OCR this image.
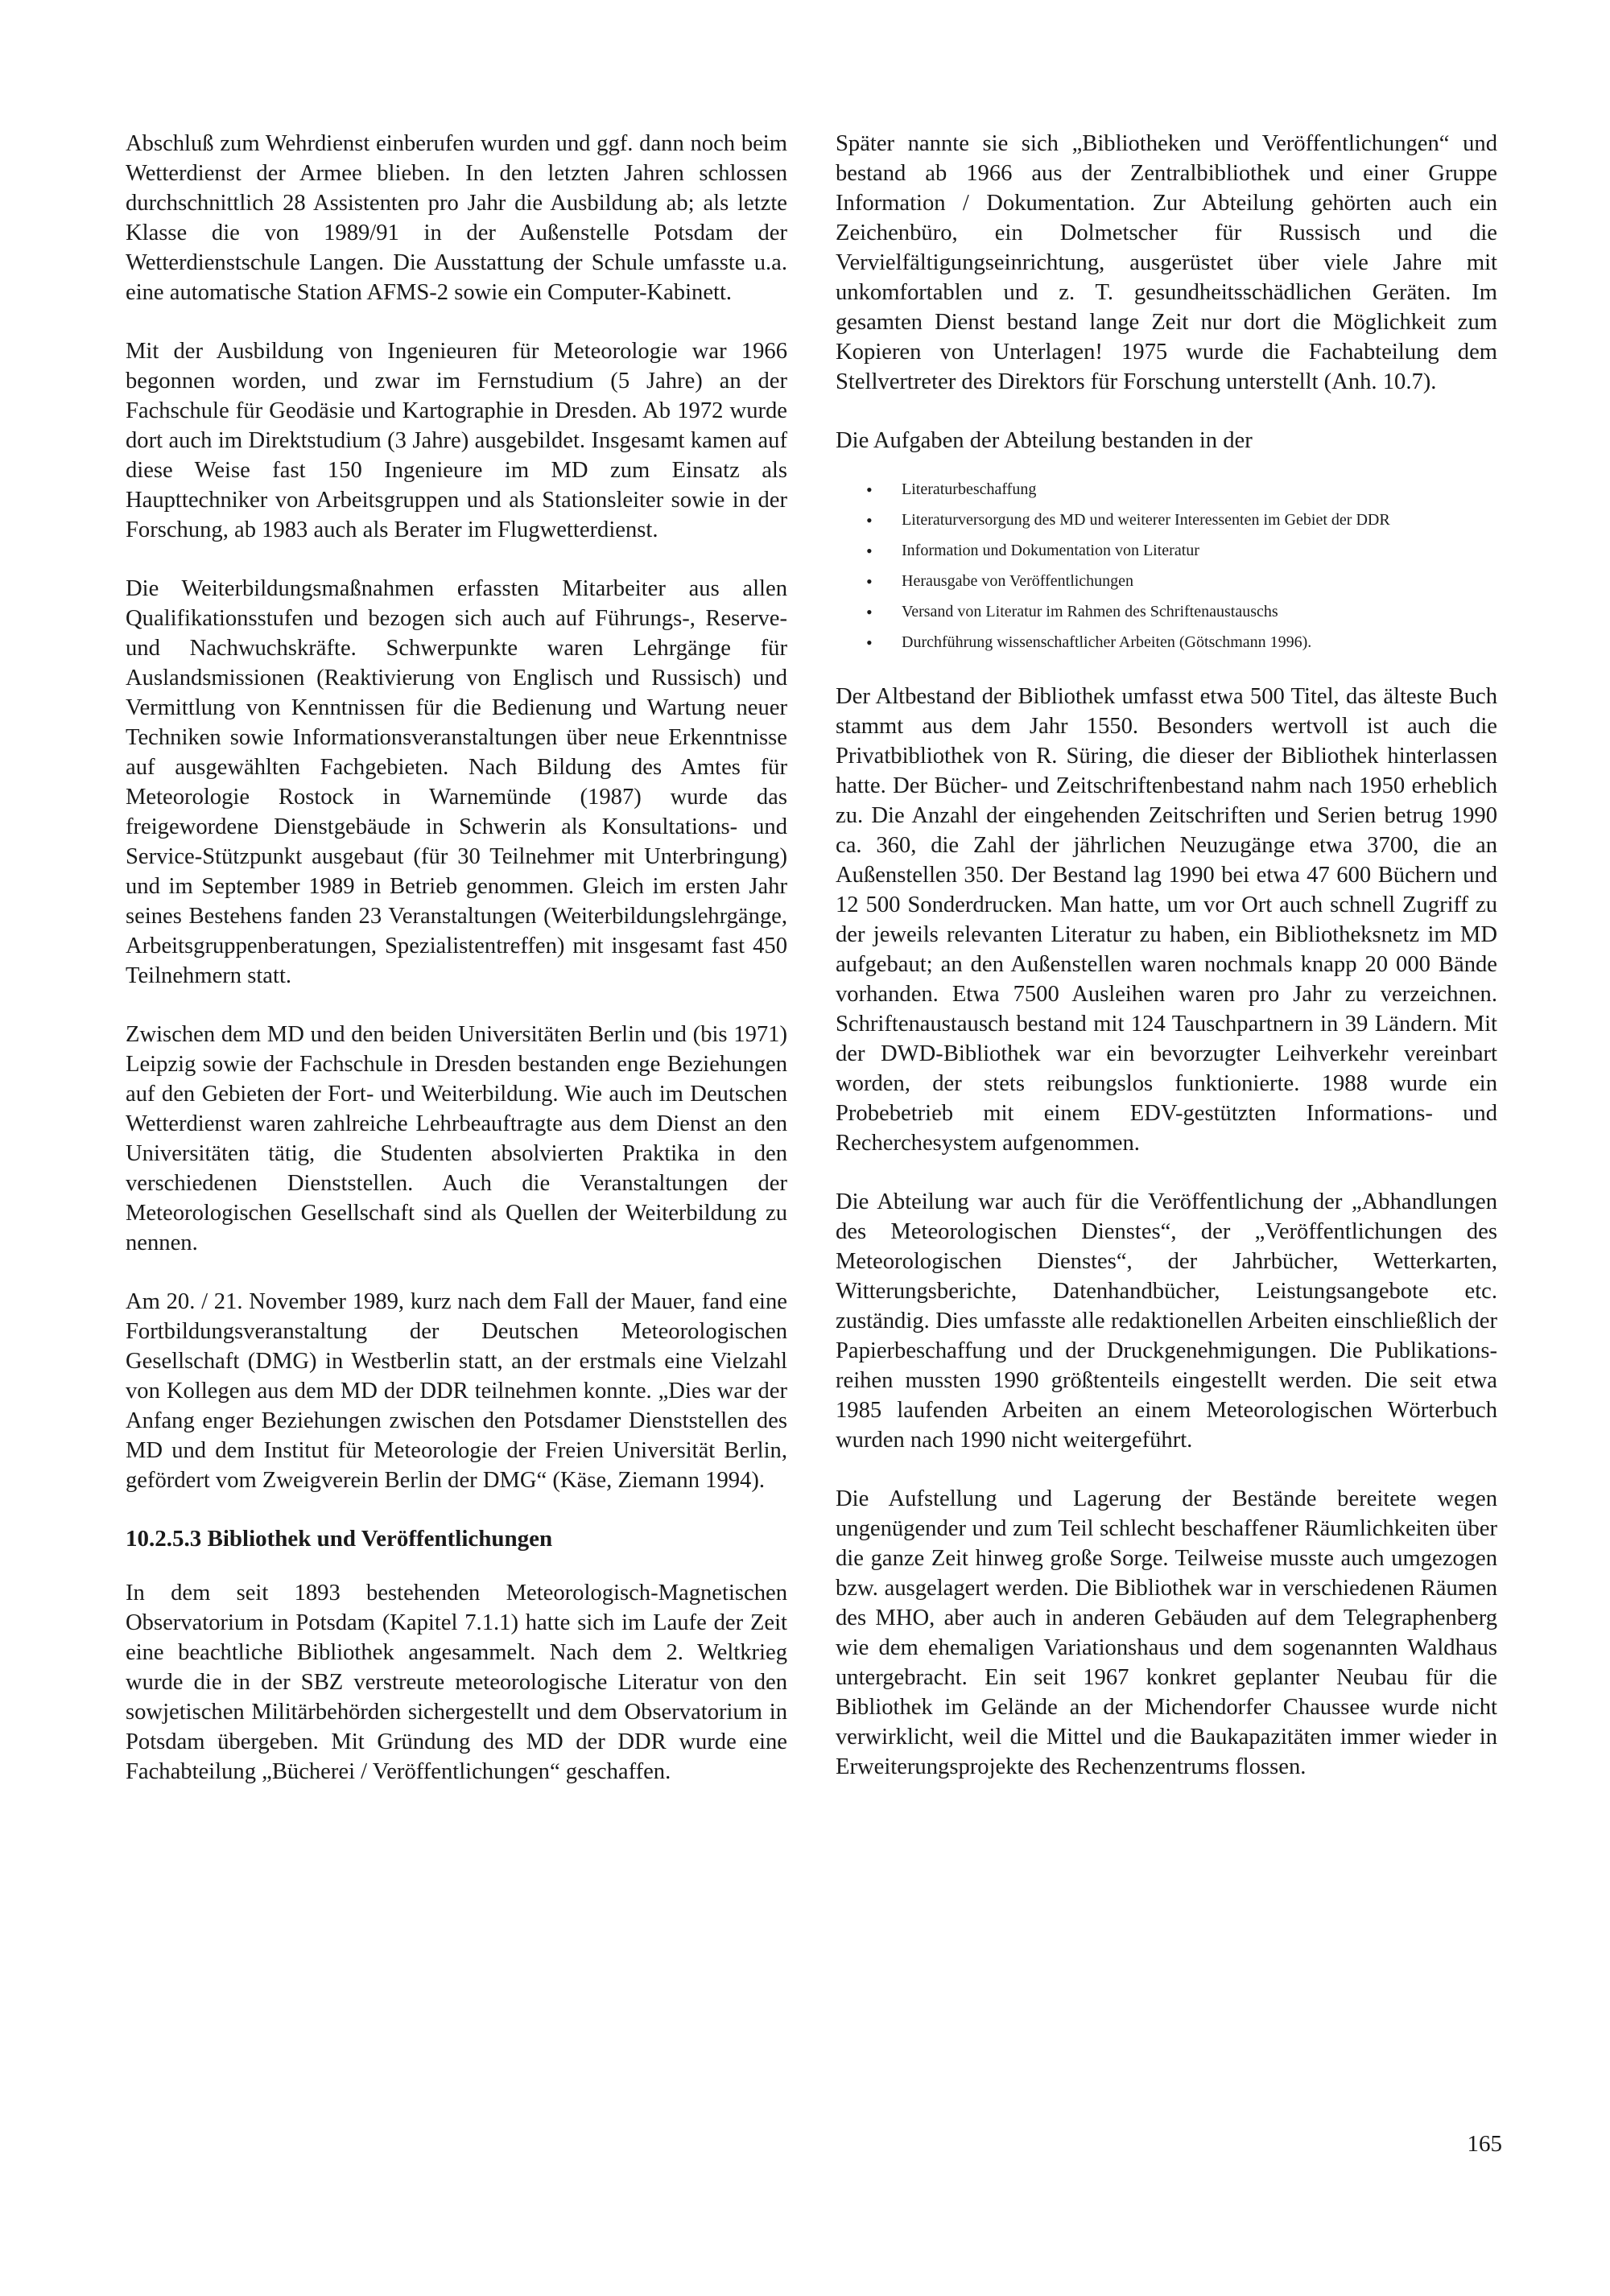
Abschluß zum Wehrdienst einberufen wurden und ggf. dann noch beim Wetterdienst der Armee blieben. In den letzten Jahren schlossen durchschnittlich 28 Assistenten pro Jahr die Ausbildung ab; als letzte Klasse die von 1989/91 in der Außenstelle Potsdam der Wetterdienstschule Langen. Die Ausstattung der Schule umfasste u.a. eine automatische Station AFMS-2 sowie ein Computer-Kabinett.

Mit der Ausbildung von Ingenieuren für Meteorologie war 1966 begonnen worden, und zwar im Fernstudium (5 Jahre) an der Fachschule für Geodäsie und Kartographie in Dresden. Ab 1972 wurde dort auch im Direktstudium (3 Jahre) ausgebildet. Insgesamt kamen auf diese Weise fast 150 Ingenieure im MD zum Einsatz als Haupttechniker von Arbeitsgruppen und als Stationsleiter sowie in der Forschung, ab 1983 auch als Berater im Flugwetterdienst.

Die Weiterbildungsmaßnahmen erfassten Mitarbeiter aus allen Qualifikationsstufen und bezogen sich auch auf Führungs-, Reserve- und Nachwuchskräfte. Schwerpunkte waren Lehrgänge für Auslandsmissionen (Reaktivierung von Englisch und Russisch) und Vermittlung von Kenntnissen für die Bedienung und Wartung neuer Techniken sowie Informationsveranstaltungen über neue Erkenntnisse auf ausgewählten Fachgebieten. Nach Bildung des Amtes für Meteorologie Rostock in Warnemünde (1987) wurde das freigewordene Dienstgebäude in Schwerin als Konsultations- und Service-Stützpunkt ausgebaut (für 30 Teilnehmer mit Unterbringung) und im September 1989 in Betrieb genommen. Gleich im ersten Jahr seines Bestehens fanden 23 Veranstaltungen (Weiterbildungslehrgänge, Arbeitsgruppenberatungen, Spezialistentreffen) mit insgesamt fast 450 Teilnehmern statt.

Zwischen dem MD und den beiden Universitäten Berlin und (bis 1971) Leipzig sowie der Fachschule in Dresden bestanden enge Beziehungen auf den Gebieten der Fort- und Weiterbildung. Wie auch im Deutschen Wetterdienst waren zahlreiche Lehrbeauftragte aus dem Dienst an den Universitäten tätig, die Studenten absolvierten Praktika in den verschiedenen Dienststellen. Auch die Veranstaltungen der Meteorologischen Gesellschaft sind als Quellen der Weiterbildung zu nennen.

Am 20. / 21. November 1989, kurz nach dem Fall der Mauer, fand eine Fortbildungsveranstaltung der Deutschen Meteorologischen Gesellschaft (DMG) in Westberlin statt, an der erstmals eine Vielzahl von Kollegen aus dem MD der DDR teilnehmen konnte. „Dies war der Anfang enger Beziehungen zwischen den Potsdamer Dienststellen des MD und dem Institut für Meteorologie der Freien Universität Berlin, gefördert vom Zweigverein Berlin der DMG“ (Käse, Ziemann 1994).

10.2.5.3 Bibliothek und Veröffentlichungen

In dem seit 1893 bestehenden Meteorologisch-Magnetischen Observatorium in Potsdam (Kapitel 7.1.1) hatte sich im Laufe der Zeit eine beachtliche Bibliothek angesammelt. Nach dem 2. Weltkrieg wurde die in der SBZ verstreute meteorologische Literatur von den sowjetischen Militärbehörden sichergestellt und dem Observatorium in Potsdam übergeben. Mit Gründung des MD der DDR wurde eine Fachabteilung „Bücherei / Veröffentlichungen“ geschaffen.

Später nannte sie sich „Bibliotheken und Veröffentlichungen“ und bestand ab 1966 aus der Zentralbibliothek und einer Gruppe Information / Dokumentation. Zur Abteilung gehörten auch ein Zeichenbüro, ein Dolmetscher für Russisch und die Vervielfältigungseinrichtung, ausgerüstet über viele Jahre mit unkomfortablen und z. T. gesundheitsschädlichen Geräten. Im gesamten Dienst bestand lange Zeit nur dort die Möglichkeit zum Kopieren von Unterlagen! 1975 wurde die Fachabteilung dem Stellvertreter des Direktors für Forschung unterstellt (Anh. 10.7).

Die Aufgaben der Abteilung bestanden in der

• Literaturbeschaffung
• Literaturversorgung des MD und weiterer Interessenten im Gebiet der DDR
• Information und Dokumentation von Literatur
• Herausgabe von Veröffentlichungen
• Versand von Literatur im Rahmen des Schriftenaustauschs
• Durchführung wissenschaftlicher Arbeiten (Götschmann 1996).

Der Altbestand der Bibliothek umfasst etwa 500 Titel, das älteste Buch stammt aus dem Jahr 1550. Besonders wertvoll ist auch die Privatbibliothek von R. Süring, die dieser der Bibliothek hinterlassen hatte. Der Bücher- und Zeitschriftenbestand nahm nach 1950 erheblich zu. Die Anzahl der eingehenden Zeitschriften und Serien betrug 1990 ca. 360, die Zahl der jährlichen Neuzugänge etwa 3700, die an Außenstellen 350. Der Bestand lag 1990 bei etwa 47 600 Büchern und 12 500 Sonderdrucken. Man hatte, um vor Ort auch schnell Zugriff zu der jeweils relevanten Literatur zu haben, ein Bibliotheksnetz im MD aufgebaut; an den Außenstellen waren nochmals knapp 20 000 Bände vorhanden. Etwa 7500 Ausleihen waren pro Jahr zu verzeichnen. Schriftenaustausch bestand mit 124 Tauschpartnern in 39 Ländern. Mit der DWD-Bibliothek war ein bevorzugter Leihverkehr vereinbart worden, der stets reibungslos funktionierte. 1988 wurde ein Probebetrieb mit einem EDV-gestützten Informations- und Recherchesystem aufgenommen.

Die Abteilung war auch für die Veröffentlichung der „Abhandlungen des Meteorologischen Dienstes“, der „Veröffentlichungen des Meteorologischen Dienstes“, der Jahrbücher, Wetterkarten, Witterungsberichte, Datenhandbücher, Leistungsangebote etc. zuständig. Dies umfasste alle redaktionellen Arbeiten einschließlich der Papierbeschaffung und der Druckgenehmigungen. Die Publikationsreihen mussten 1990 größtenteils eingestellt werden. Die seit etwa 1985 laufenden Arbeiten an einem Meteorologischen Wörterbuch wurden nach 1990 nicht weitergeführt.

Die Aufstellung und Lagerung der Bestände bereitete wegen ungenügender und zum Teil schlecht beschaffener Räumlichkeiten über die ganze Zeit hinweg große Sorge. Teilweise musste auch umgezogen bzw. ausgelagert werden. Die Bibliothek war in verschiedenen Räumen des MHO, aber auch in anderen Gebäuden auf dem Telegraphenberg wie dem ehemaligen Variationshaus und dem sogenannten Waldhaus untergebracht. Ein seit 1967 konkret geplanter Neubau für die Bibliothek im Gelände an der Michendorfer Chaussee wurde nicht verwirklicht, weil die Mittel und die Baukapazitäten immer wieder in Erweiterungsprojekte des Rechenzentrums flossen.

165
